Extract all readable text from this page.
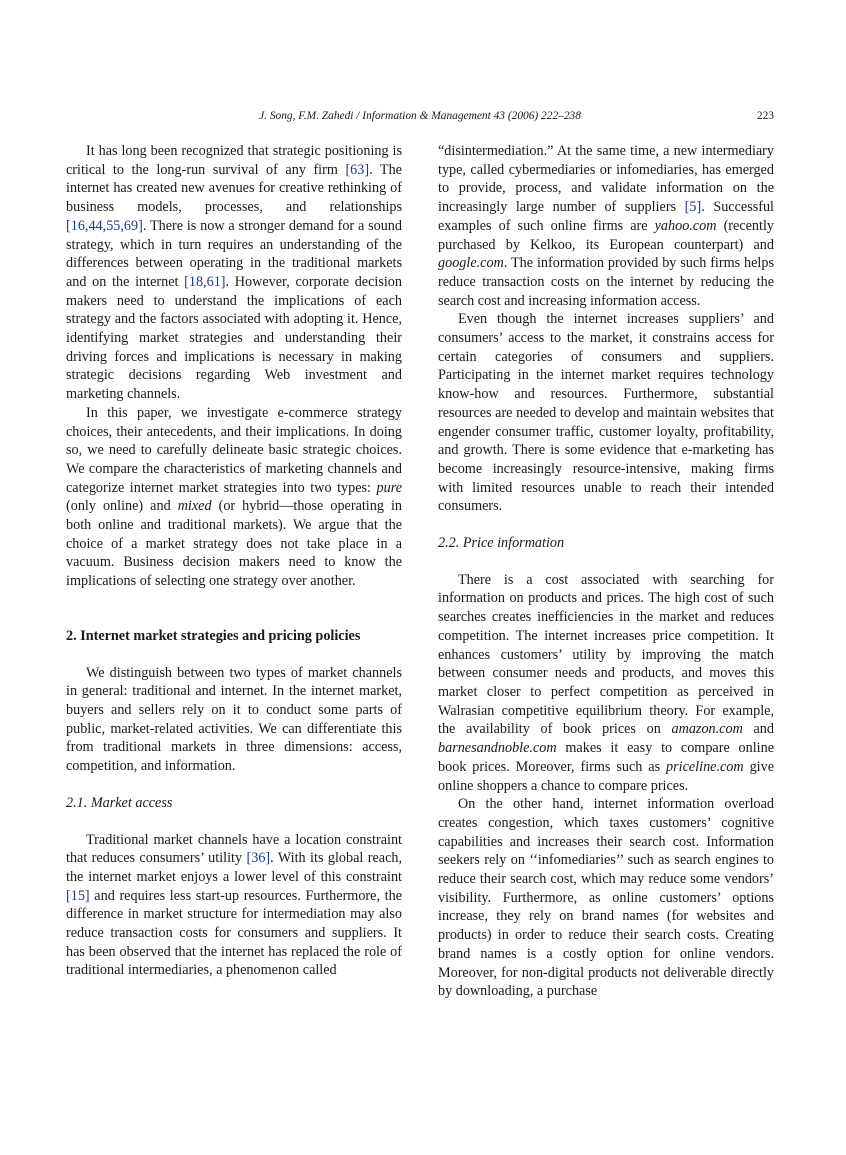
J. Song, F.M. Zahedi / Information & Management 43 (2006) 222–238	223

It has long been recognized that strategic positioning is critical to the long-run survival of any firm [63]. The internet has created new avenues for creative rethinking of business models, processes, and relationships [16,44,55,69]. There is now a stronger demand for a sound strategy, which in turn requires an understanding of the differences between operating in the traditional markets and on the internet [18,61]. However, corporate decision makers need to understand the implications of each strategy and the factors associated with adopting it. Hence, identifying market strategies and understanding their driving forces and implications is necessary in making strategic decisions regarding Web investment and marketing channels.

In this paper, we investigate e-commerce strategy choices, their antecedents, and their implications. In doing so, we need to carefully delineate basic strategic choices. We compare the characteristics of marketing channels and categorize internet market strategies into two types: pure (only online) and mixed (or hybrid—those operating in both online and traditional markets). We argue that the choice of a market strategy does not take place in a vacuum. Business decision makers need to know the implications of selecting one strategy over another.

2. Internet market strategies and pricing policies

We distinguish between two types of market channels in general: traditional and internet. In the internet market, buyers and sellers rely on it to conduct some parts of public, market-related activities. We can differentiate this from traditional markets in three dimensions: access, competition, and information.

2.1. Market access

Traditional market channels have a location constraint that reduces consumers’ utility [36]. With its global reach, the internet market enjoys a lower level of this constraint [15] and requires less start-up resources. Furthermore, the difference in market structure for intermediation may also reduce transaction costs for consumers and suppliers. It has been observed that the internet has replaced the role of traditional intermediaries, a phenomenon called

“disintermediation.” At the same time, a new intermediary type, called cybermediaries or infomediaries, has emerged to provide, process, and validate information on the increasingly large number of suppliers [5]. Successful examples of such online firms are yahoo.com (recently purchased by Kelkoo, its European counterpart) and google.com. The information provided by such firms helps reduce transaction costs on the internet by reducing the search cost and increasing information access.

Even though the internet increases suppliers’ and consumers’ access to the market, it constrains access for certain categories of consumers and suppliers. Participating in the internet market requires technology know-how and resources. Furthermore, substantial resources are needed to develop and maintain websites that engender consumer traffic, customer loyalty, profitability, and growth. There is some evidence that e-marketing has become increasingly resource-intensive, making firms with limited resources unable to reach their intended consumers.

2.2. Price information

There is a cost associated with searching for information on products and prices. The high cost of such searches creates inefficiencies in the market and reduces competition. The internet increases price competition. It enhances customers’ utility by improving the match between consumer needs and products, and moves this market closer to perfect competition as perceived in Walrasian competitive equilibrium theory. For example, the availability of book prices on amazon.com and barnesandnoble.com makes it easy to compare online book prices. Moreover, firms such as priceline.com give online shoppers a chance to compare prices.

On the other hand, internet information overload creates congestion, which taxes customers’ cognitive capabilities and increases their search cost. Information seekers rely on ‘‘infomediaries’’ such as search engines to reduce their search cost, which may reduce some vendors’ visibility. Furthermore, as online customers’ options increase, they rely on brand names (for websites and products) in order to reduce their search costs. Creating brand names is a costly option for online vendors. Moreover, for non-digital products not deliverable directly by downloading, a purchase
